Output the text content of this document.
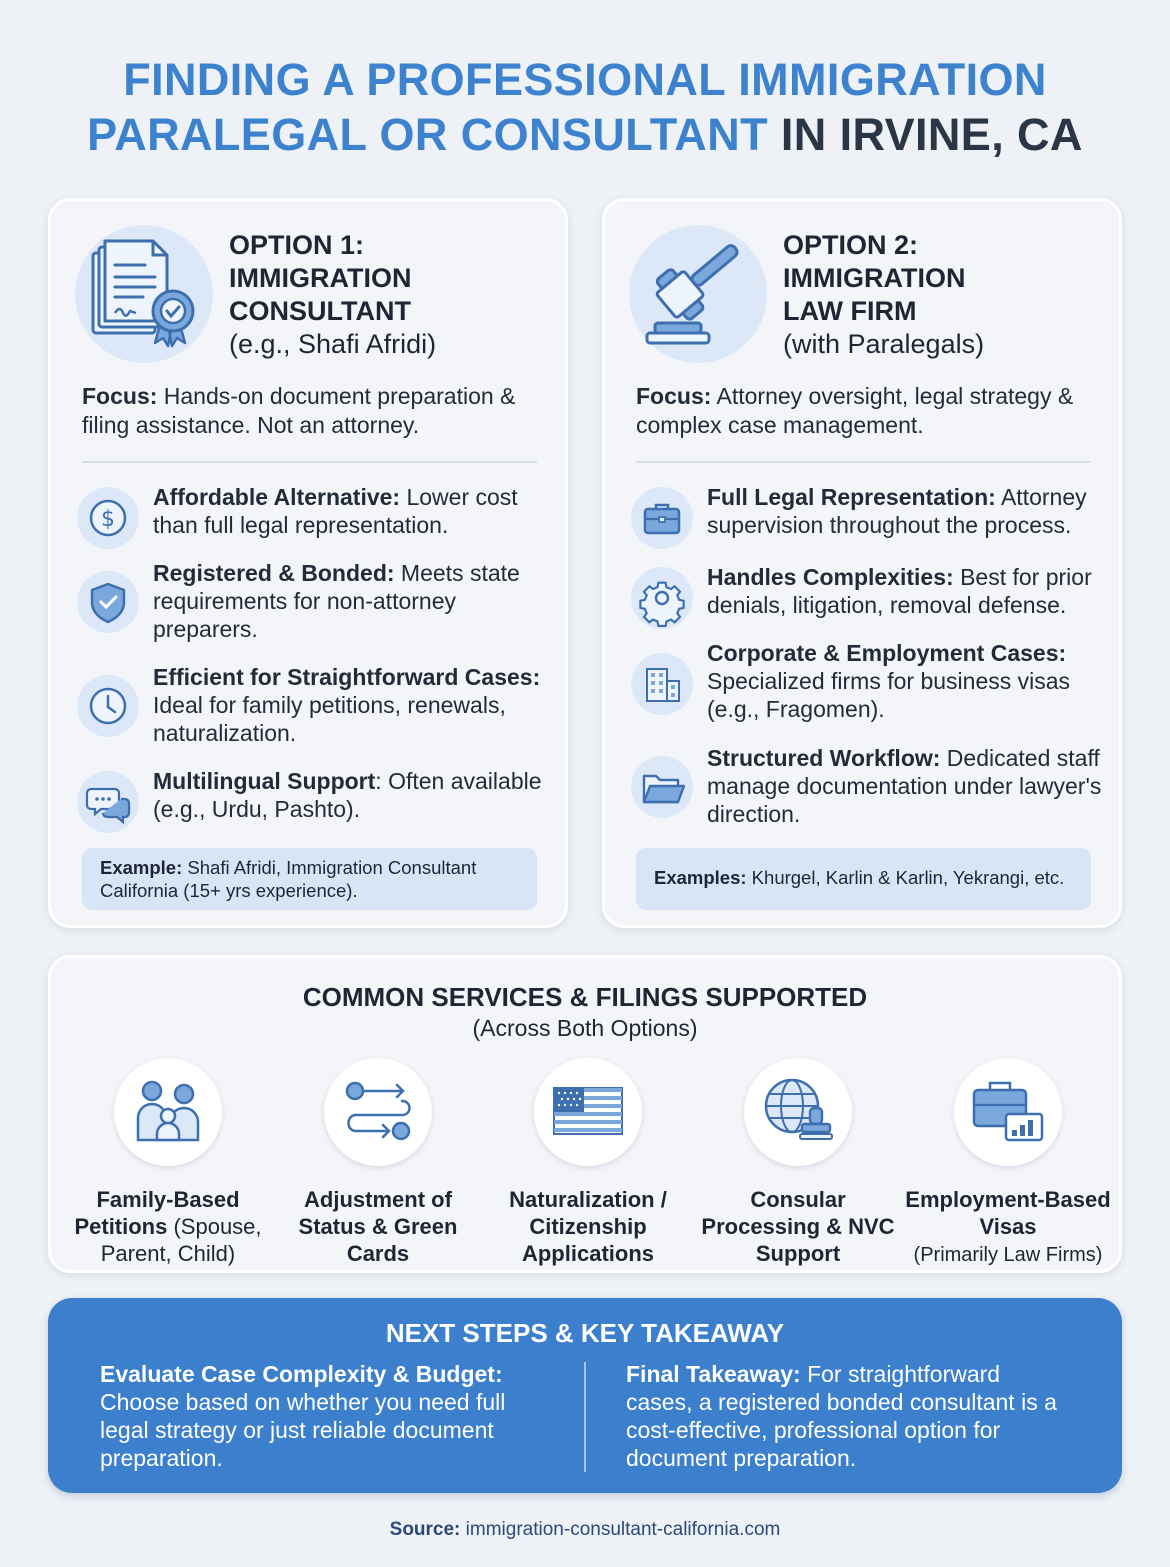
FINDING A PROFESSIONAL IMMIGRATION
PARALEGAL OR CONSULTANT IN IRVINE, CA
OPTION 1:
IMMIGRATION
CONSULTANT
(e.g., Shafi Afridi)
Focus: Hands-on document preparation & filing assistance. Not an attorney.
$
Affordable Alternative: Lower cost than full legal representation.
Registered & Bonded: Meets state requirements for non-attorney preparers.
Efficient for Straightforward Cases: Ideal for family petitions, renewals, naturalization.
Multilingual Support: Often available (e.g., Urdu, Pashto).
Example: Shafi Afridi, Immigration Consultant California (15+ yrs experience).
OPTION 2:
IMMIGRATION
LAW FIRM
(with Paralegals)
Focus: Attorney oversight, legal strategy & complex case management.
Full Legal Representation: Attorney supervision throughout the process.
Handles Complexities: Best for prior denials, litigation, removal defense.
Corporate & Employment Cases: Specialized firms for business visas (e.g., Fragomen).
Structured Workflow: Dedicated staff manage documentation under lawyer's direction.
Examples: Khurgel, Karlin & Karlin, Yekrangi, etc.
COMMON SERVICES & FILINGS SUPPORTED
(Across Both Options)
Family-Based Petitions (Spouse, Parent, Child)
Adjustment of Status & Green Cards
Naturalization / Citizenship Applications
Consular Processing & NVC Support
Employment-Based Visas
(Primarily Law Firms)
NEXT STEPS & KEY TAKEAWAY
Evaluate Case Complexity & Budget:
Choose based on whether you need full legal strategy or just reliable document preparation.
Final Takeaway: For straightforward cases, a registered bonded consultant is a cost-effective, professional option for document preparation.
Source: immigration-consultant-california.com
